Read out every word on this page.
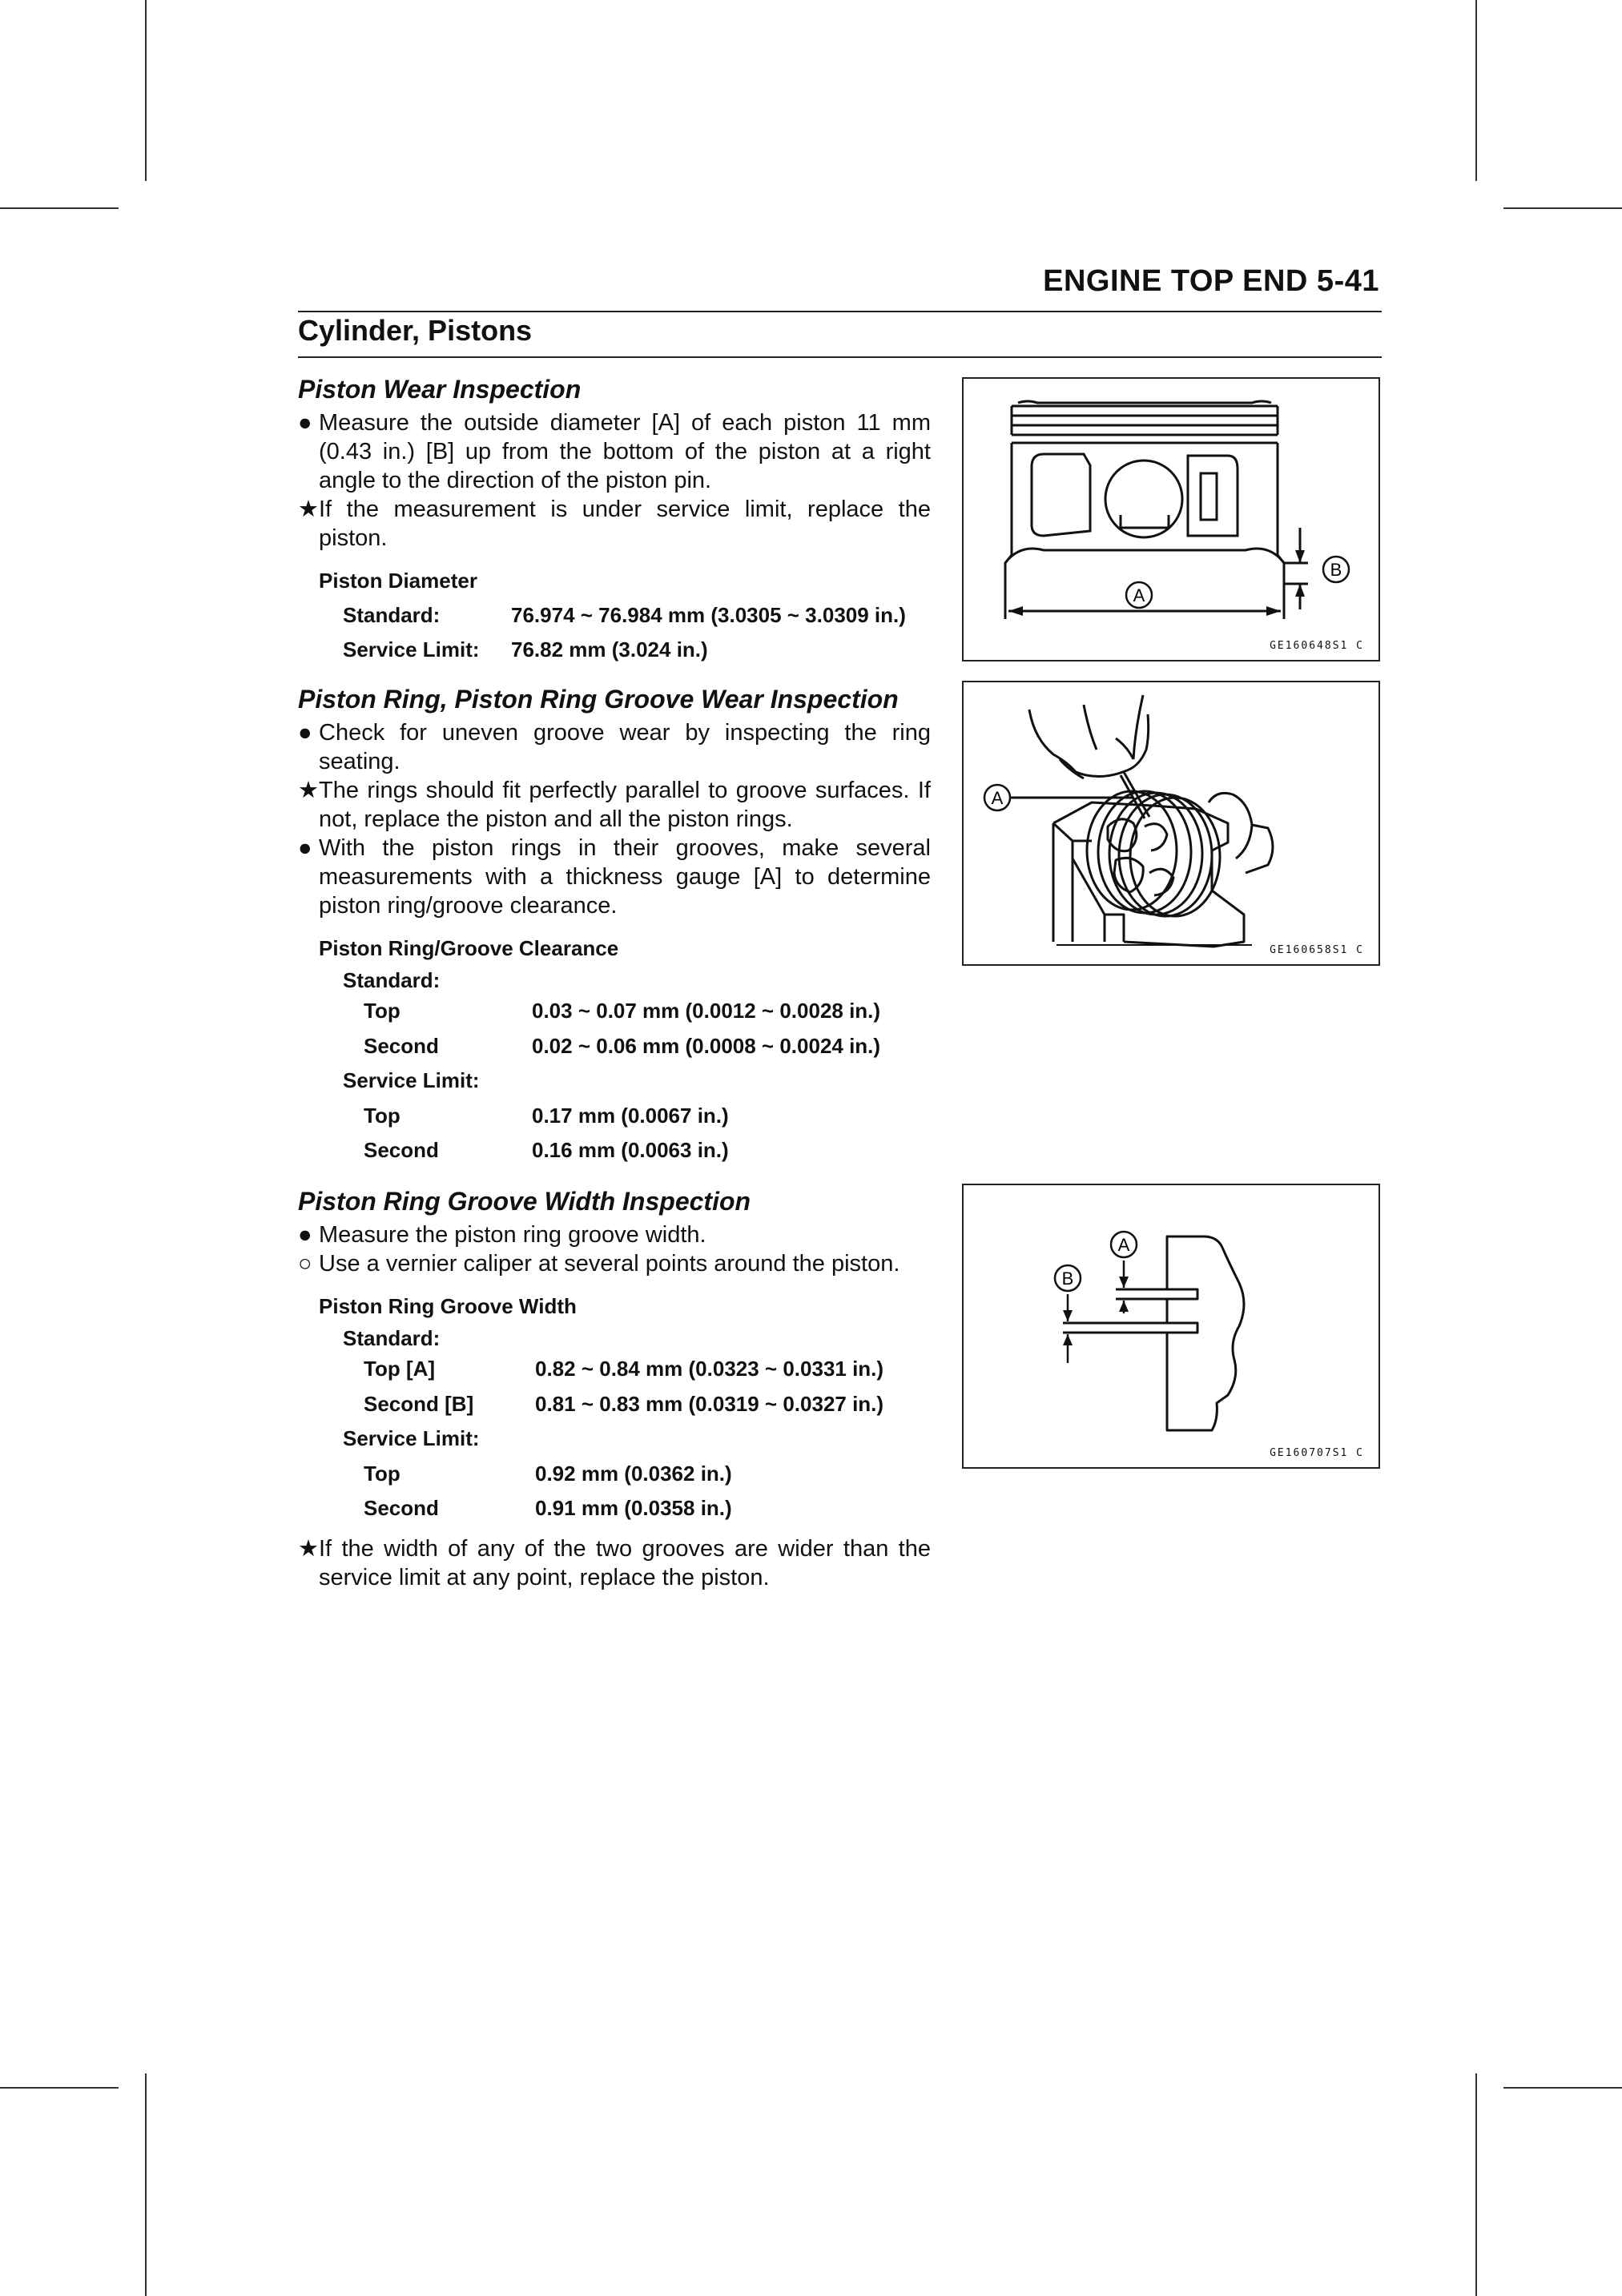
ENGINE TOP END 5-41
Cylinder, Pistons
Piston Wear Inspection
● Measure the outside diameter [A] of each piston 11 mm (0.43 in.) [B] up from the bottom of the piston at a right angle to the direction of the piston pin.
★ If the measurement is under service limit, replace the piston.
Piston Diameter
Standard:	76.974 ~ 76.984 mm (3.0305 ~ 3.0309 in.)
Service Limit:	76.82 mm (3.024 in.)
A
B
GE160648S1 C
Piston Ring, Piston Ring Groove Wear Inspection
● Check for uneven groove wear by inspecting the ring seating.
★ The rings should fit perfectly parallel to groove surfaces. If not, replace the piston and all the piston rings.
● With the piston rings in their grooves, make several measurements with a thickness gauge [A] to determine piston ring/groove clearance.
Piston Ring/Groove Clearance
Standard:
Top	0.03 ~ 0.07 mm (0.0012 ~ 0.0028 in.)
Second	0.02 ~ 0.06 mm (0.0008 ~ 0.0024 in.)
Service Limit:
Top	0.17 mm (0.0067 in.)
Second	0.16 mm (0.0063 in.)
A
GE160658S1 C
Piston Ring Groove Width Inspection
● Measure the piston ring groove width.
○ Use a vernier caliper at several points around the piston.
Piston Ring Groove Width
Standard:
Top [A]	0.82 ~ 0.84 mm (0.0323 ~ 0.0331 in.)
Second [B]	0.81 ~ 0.83 mm (0.0319 ~ 0.0327 in.)
Service Limit:
Top	0.92 mm (0.0362 in.)
Second	0.91 mm (0.0358 in.)
★ If the width of any of the two grooves are wider than the service limit at any point, replace the piston.
A
B
GE160707S1 C
